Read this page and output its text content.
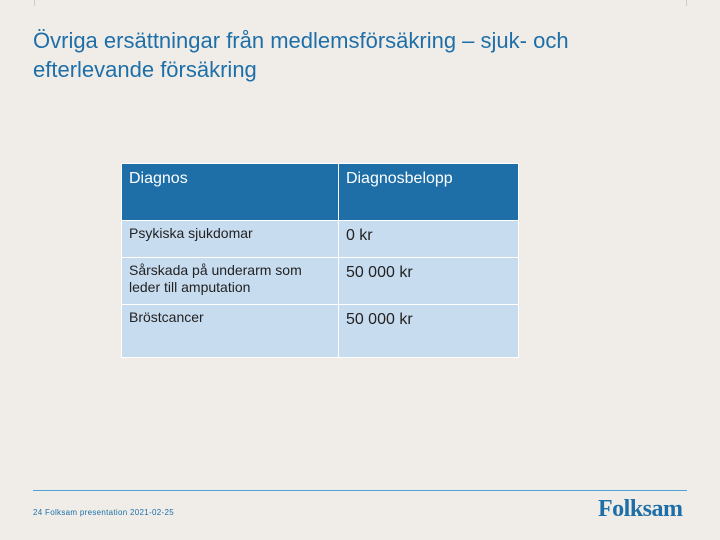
Övriga ersättningar från medlemsförsäkring – sjuk- och efterlevande försäkring
Diagnos	Diagnosbelopp
Psykiska sjukdomar	0 kr
Sårskada på underarm som leder till amputation	50 000 kr
Bröstcancer	50 000 kr
24 Folksam presentation 2021-02-25	Folksam
